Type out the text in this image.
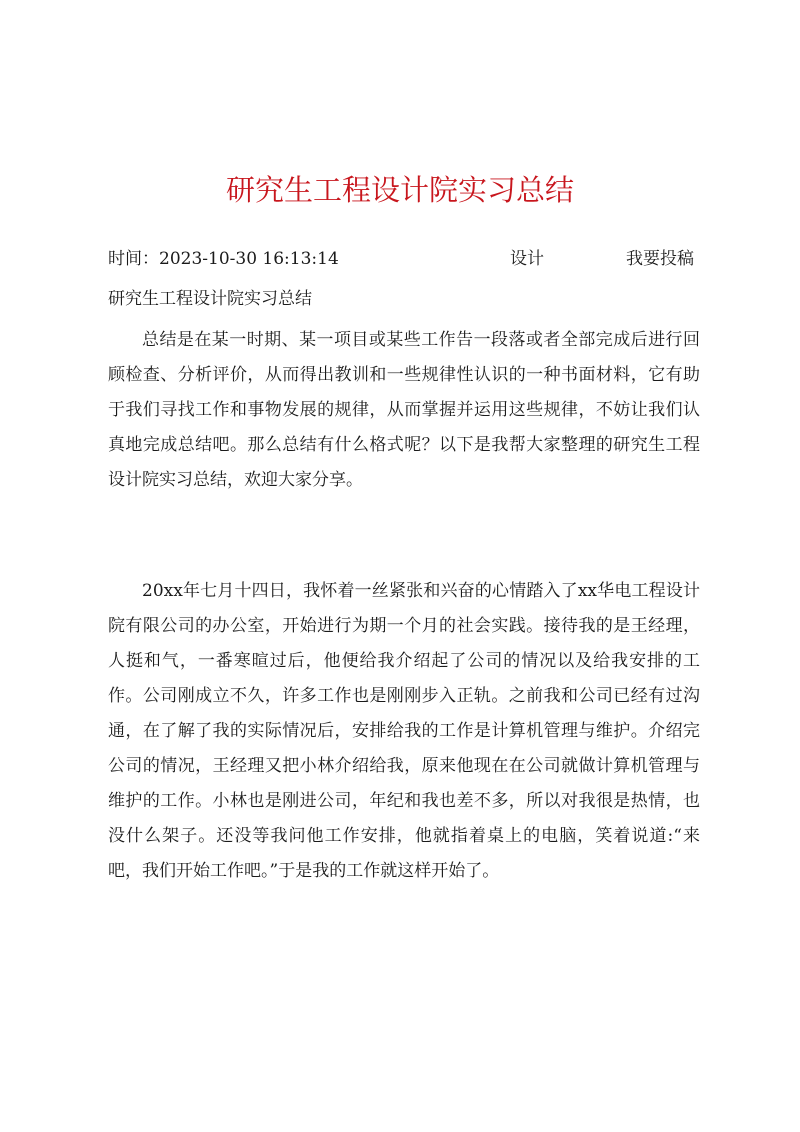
研究生工程设计院实习总结
时间：2023-10-30 16:13:14	设计	我要投稿
研究生工程设计院实习总结

总结是在某一时期、某一项目或某些工作告一段落或者全部完成后进行回顾检查、分析评价，从而得出教训和一些规律性认识的一种书面材料，它有助于我们寻找工作和事物发展的规律，从而掌握并运用这些规律，不妨让我们认真地完成总结吧。那么总结有什么格式呢？以下是我帮大家整理的研究生工程设计院实习总结，欢迎大家分享。

20xx年七月十四日，我怀着一丝紧张和兴奋的心情踏入了xx华电工程设计院有限公司的办公室，开始进行为期一个月的社会实践。接待我的是王经理，人挺和气，一番寒暄过后，他便给我介绍起了公司的情况以及给我安排的工作。公司刚成立不久，许多工作也是刚刚步入正轨。之前我和公司已经有过沟通，在了解了我的实际情况后，安排给我的工作是计算机管理与维护。介绍完公司的情况，王经理又把小林介绍给我，原来他现在在公司就做计算机管理与维护的工作。小林也是刚进公司，年纪和我也差不多，所以对我很是热情，也没什么架子。还没等我问他工作安排，他就指着桌上的电脑，笑着说道:“来吧，我们开始工作吧。”于是我的工作就这样开始了。
